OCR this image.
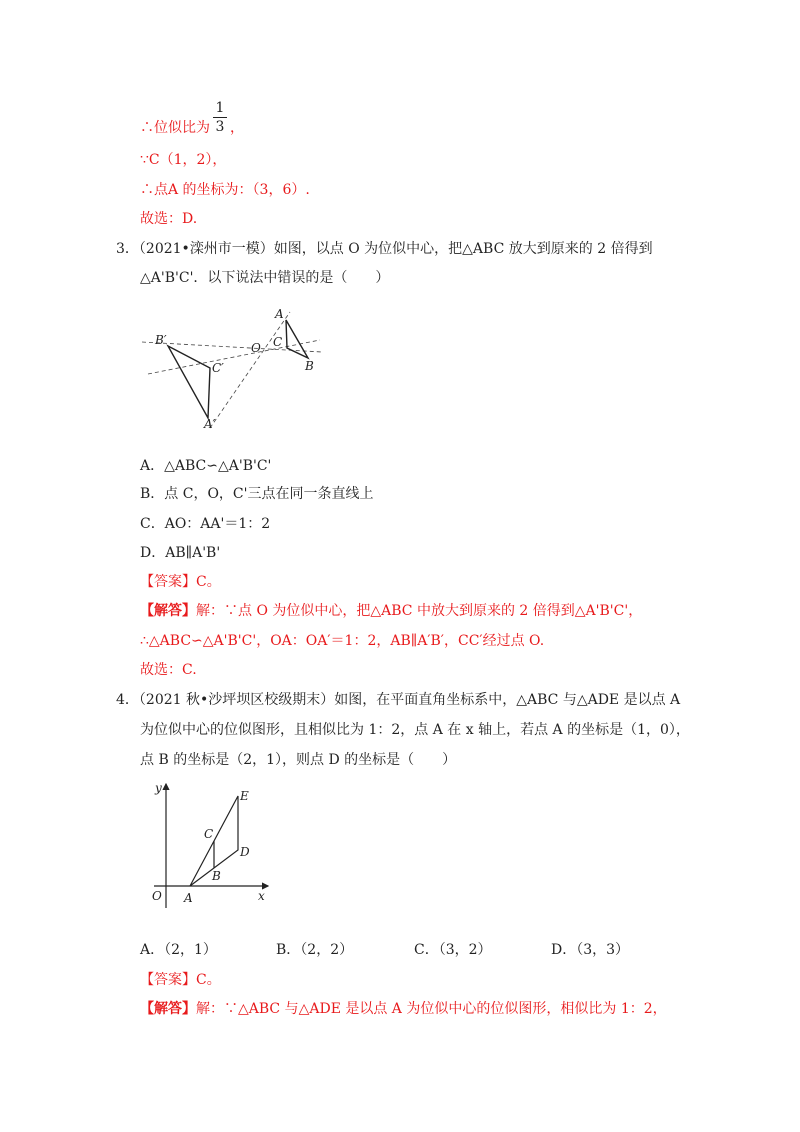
∴位似比为 ，
1
3
∵C（1，2），
∴点A 的坐标为：（3，6）.
故选：D.
3．（2021•滦州市一模）如图，以点 O 为位似中心，把△ABC 放大到原来的 2 倍得到
△A'B'C'．以下说法中错误的是（　　）
B′
C′
A′
O
A
C
B
A．△ABC∽△A'B'C'
B．点 C，O，C'三点在同一条直线上
C．AO：AA'＝1：2
D．AB∥A'B'
【答案】C。
【解答】解：∵点 O 为位似中心，把△ABC 中放大到原来的 2 倍得到△A'B'C'，
∴△ABC∽△A'B'C'，OA：OA′＝1：2，AB∥A′B′，CC′经过点 O.
故选：C.
4．（2021 秋•沙坪坝区校级期末）如图，在平面直角坐标系中，△ABC 与△ADE 是以点 A
为位似中心的位似图形，且相似比为 1：2，点 A 在 x 轴上，若点 A 的坐标是（1，0），
点 B 的坐标是（2，1），则点 D 的坐标是（　　）
y
x
O A
B
C
D
E
A．（2，1）	B．（2，2）	C．（3，2）	D．（3，3）
【答案】C。
【解答】解：∵△ABC 与△ADE 是以点 A 为位似中心的位似图形，相似比为 1：2，
